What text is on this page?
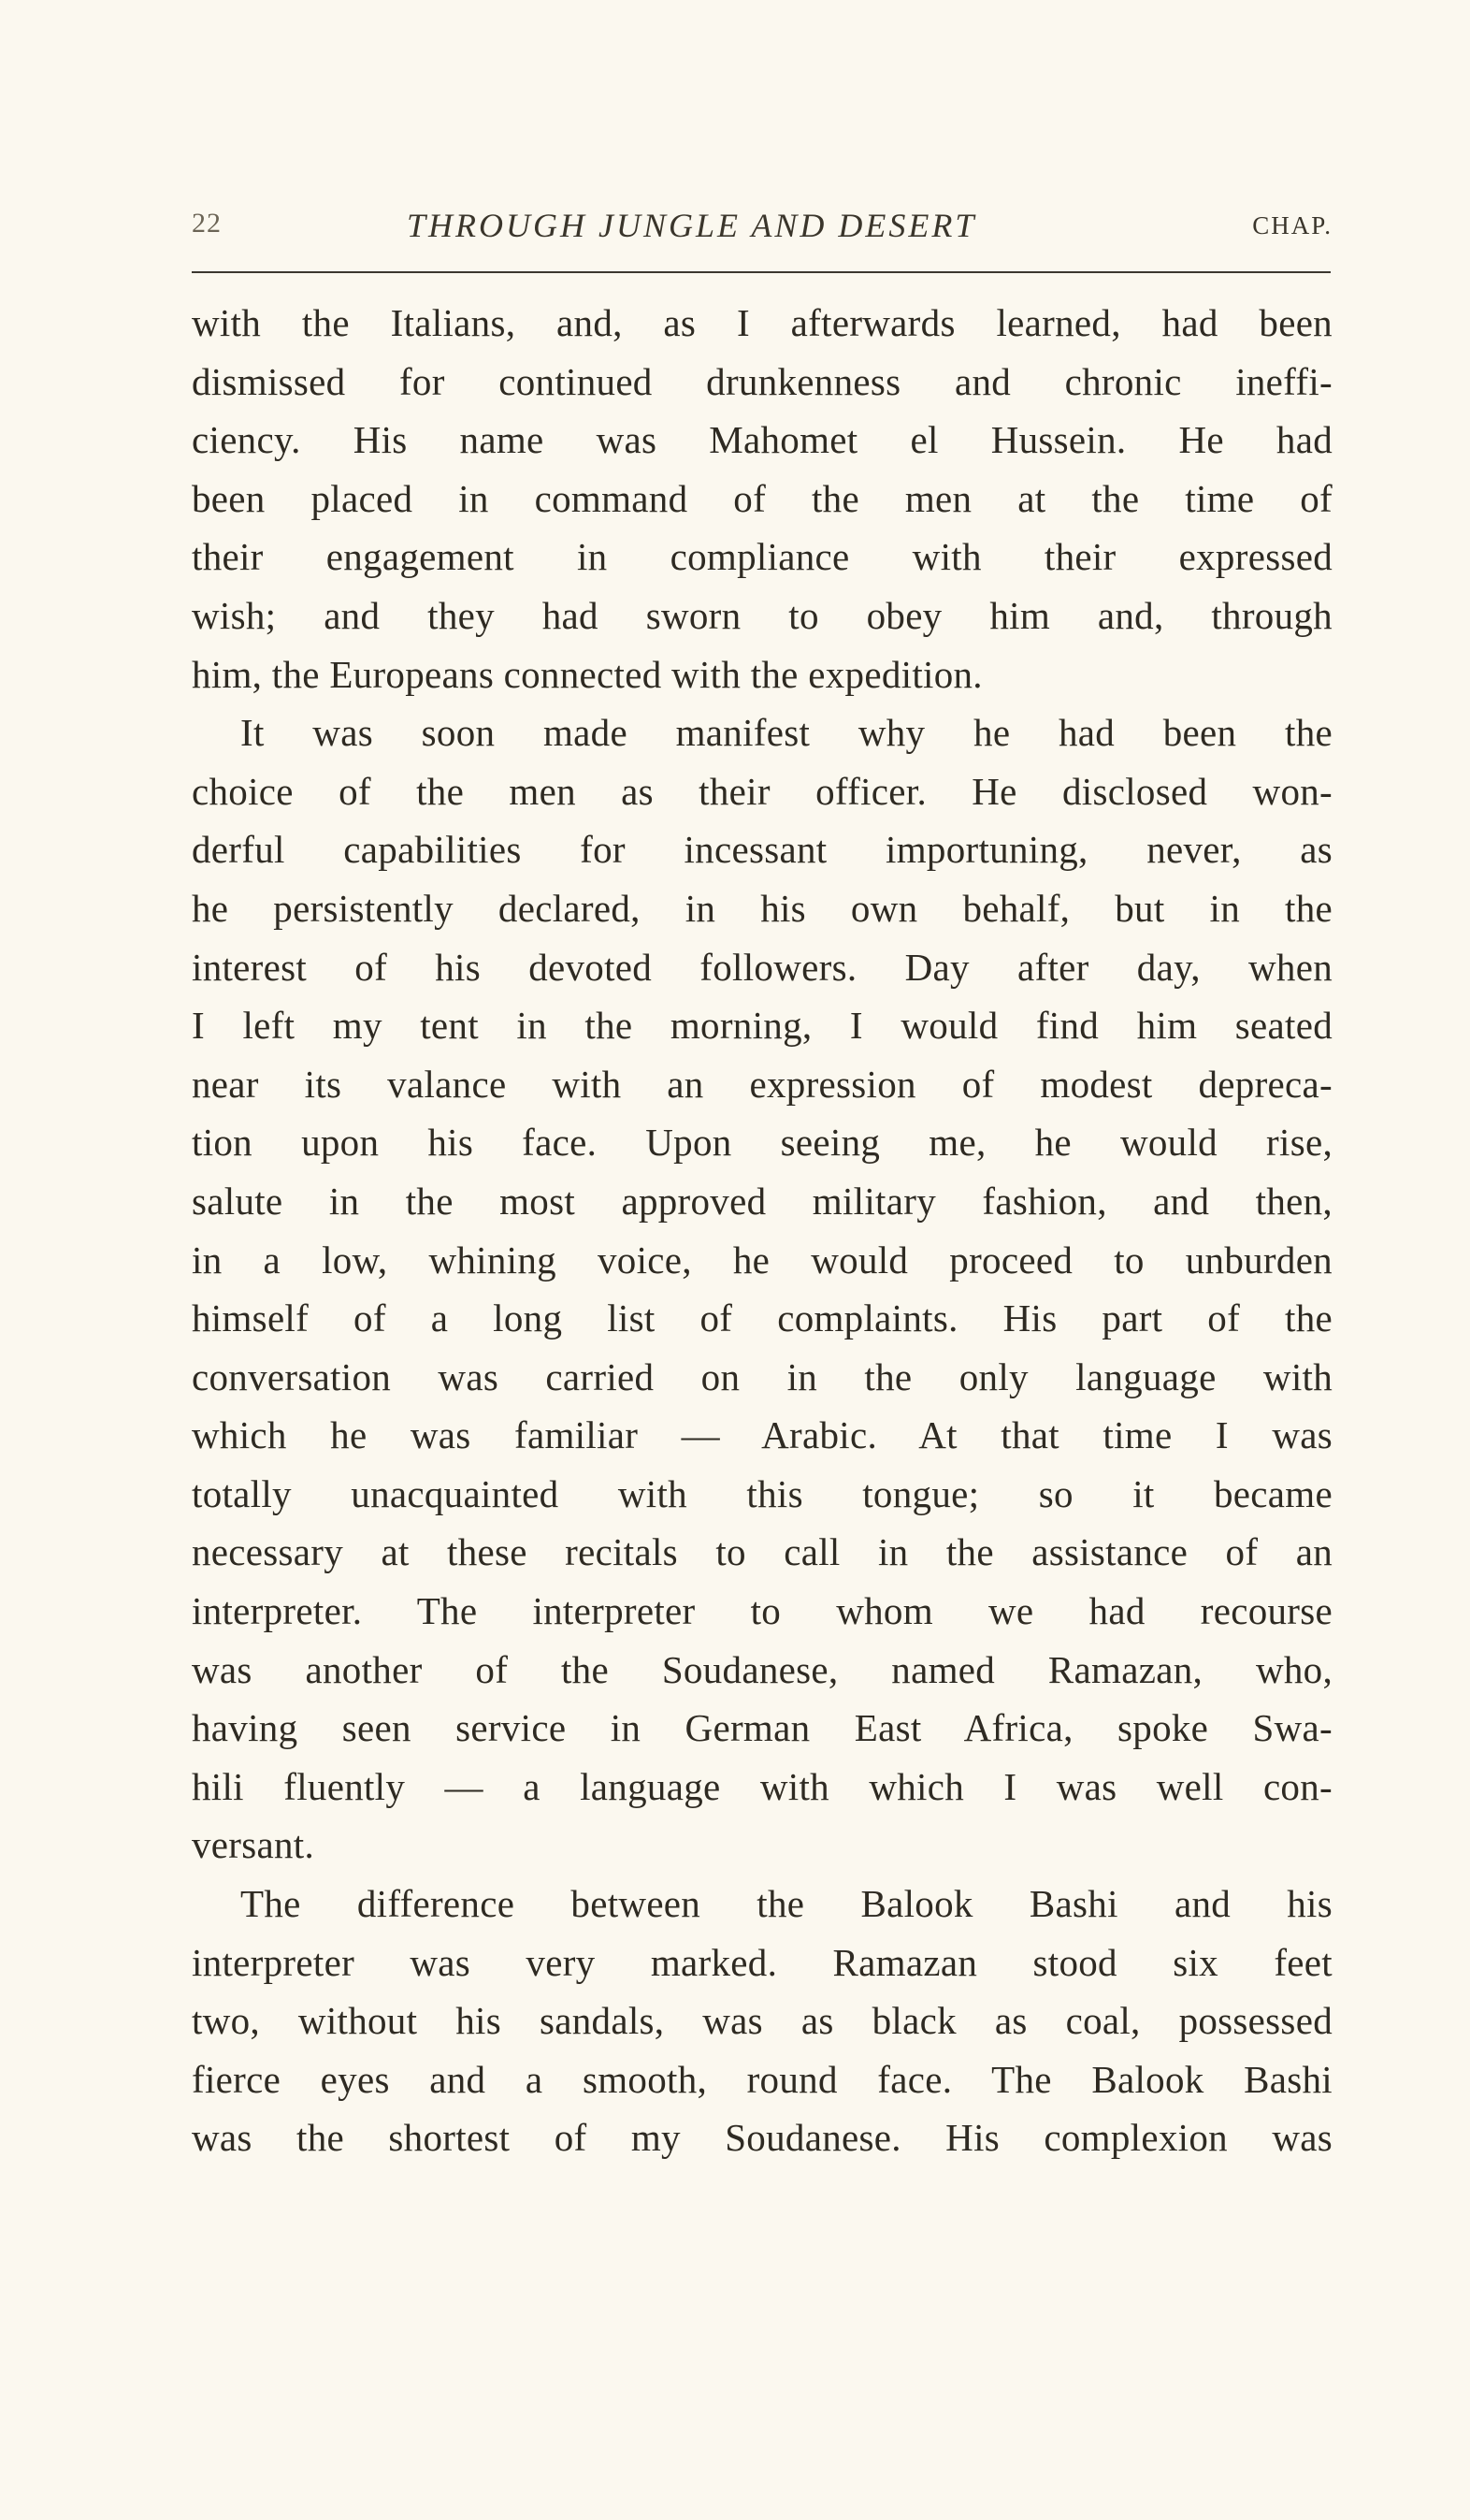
22	THROUGH JUNGLE AND DESERT	CHAP.
with the Italians, and, as I afterwards learned, had been
dismissed for continued drunkenness and chronic ineffi-
ciency. His name was Mahomet el Hussein. He had
been placed in command of the men at the time of
their engagement in compliance with their expressed
wish; and they had sworn to obey him and, through
him, the Europeans connected with the expedition.
It was soon made manifest why he had been the
choice of the men as their officer. He disclosed won-
derful capabilities for incessant importuning, never, as
he persistently declared, in his own behalf, but in the
interest of his devoted followers. Day after day, when
I left my tent in the morning, I would find him seated
near its valance with an expression of modest depreca-
tion upon his face. Upon seeing me, he would rise,
salute in the most approved military fashion, and then,
in a low, whining voice, he would proceed to unburden
himself of a long list of complaints. His part of the
conversation was carried on in the only language with
which he was familiar — Arabic. At that time I was
totally unacquainted with this tongue; so it became
necessary at these recitals to call in the assistance of an
interpreter. The interpreter to whom we had recourse
was another of the Soudanese, named Ramazan, who,
having seen service in German East Africa, spoke Swa-
hili fluently — a language with which I was well con-
versant.
The difference between the Balook Bashi and his
interpreter was very marked. Ramazan stood six feet
two, without his sandals, was as black as coal, possessed
fierce eyes and a smooth, round face. The Balook Bashi
was the shortest of my Soudanese. His complexion was
